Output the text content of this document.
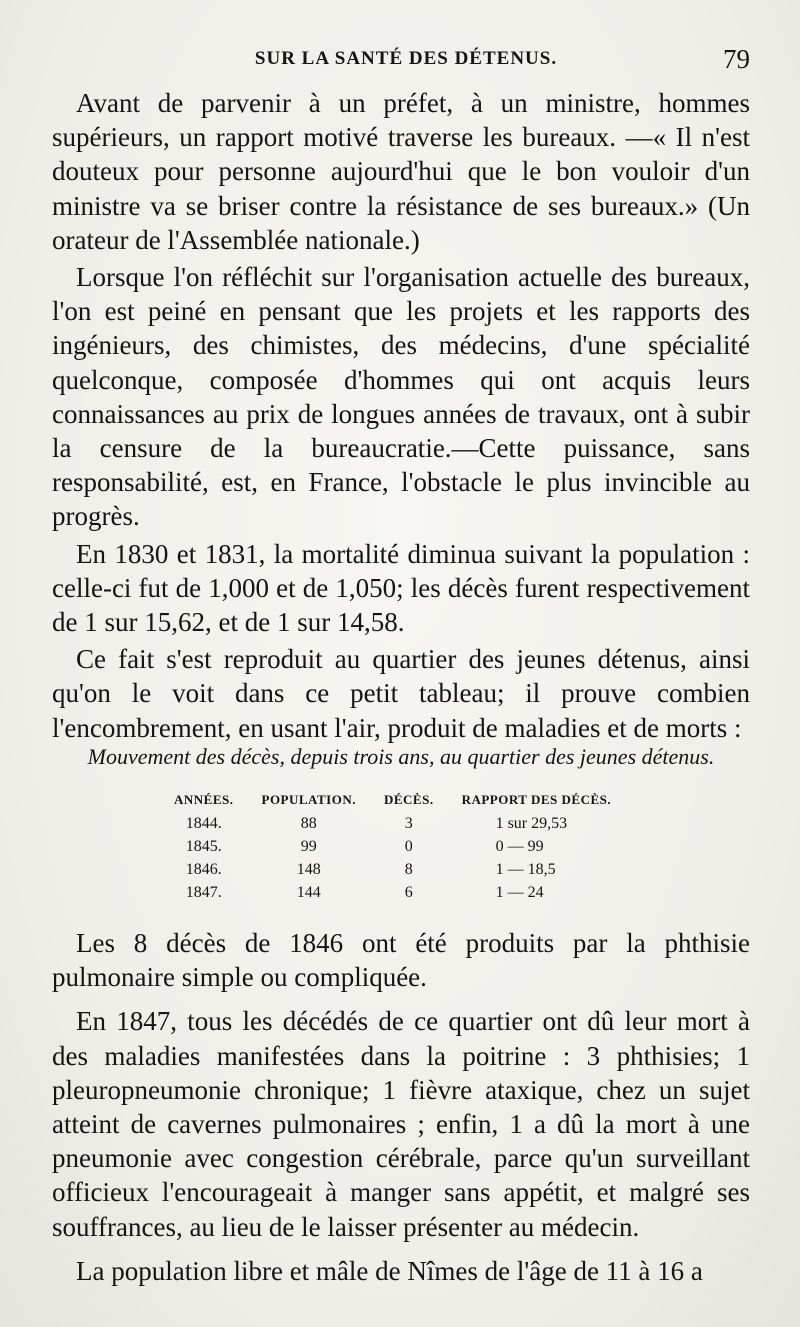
SUR LA SANTÉ DES DÉTENUS.	79

Avant de parvenir à un préfet, à un ministre, hommes supérieurs, un rapport motivé traverse les bureaux. —« Il n'est douteux pour personne aujourd'hui que le bon vouloir d'un ministre va se briser contre la résistance de ses bureaux.» (Un orateur de l'Assemblée nationale.)

Lorsque l'on réfléchit sur l'organisation actuelle des bureaux, l'on est peiné en pensant que les projets et les rapports des ingénieurs, des chimistes, des médecins, d'une spécialité quelconque, composée d'hommes qui ont acquis leurs connaissances au prix de longues années de travaux, ont à subir la censure de la bureaucratie.—Cette puissance, sans responsabilité, est, en France, l'obstacle le plus invincible au progrès.

En 1830 et 1831, la mortalité diminua suivant la population : celle-ci fut de 1,000 et de 1,050; les décès furent respectivement de 1 sur 15,62, et de 1 sur 14,58.

Ce fait s'est reproduit au quartier des jeunes détenus, ainsi qu'on le voit dans ce petit tableau; il prouve combien l'encombrement, en usant l'air, produit de maladies et de morts :

Mouvement des décès, depuis trois ans, au quartier des jeunes détenus.
ANNÉES.	POPULATION.	DÉCÈS.	RAPPORT DES DÉCÈS.
1844.	88	3	1 sur 29,53
1845.	99	0	0 — 99
1846.	148	8	1 — 18,5
1847.	144	6	1 — 24

Les 8 décès de 1846 ont été produits par la phthisie pulmonaire simple ou compliquée.

En 1847, tous les décédés de ce quartier ont dû leur mort à des maladies manifestées dans la poitrine : 3 phthisies; 1 pleuropneumonie chronique; 1 fièvre ataxique, chez un sujet atteint de cavernes pulmonaires ; enfin, 1 a dû la mort à une pneumonie avec congestion cérébrale, parce qu'un surveillant officieux l'encourageait à manger sans appétit, et malgré ses souffrances, au lieu de le laisser présenter au médecin.

La population libre et mâle de Nîmes de l'âge de 11 à 16 a
